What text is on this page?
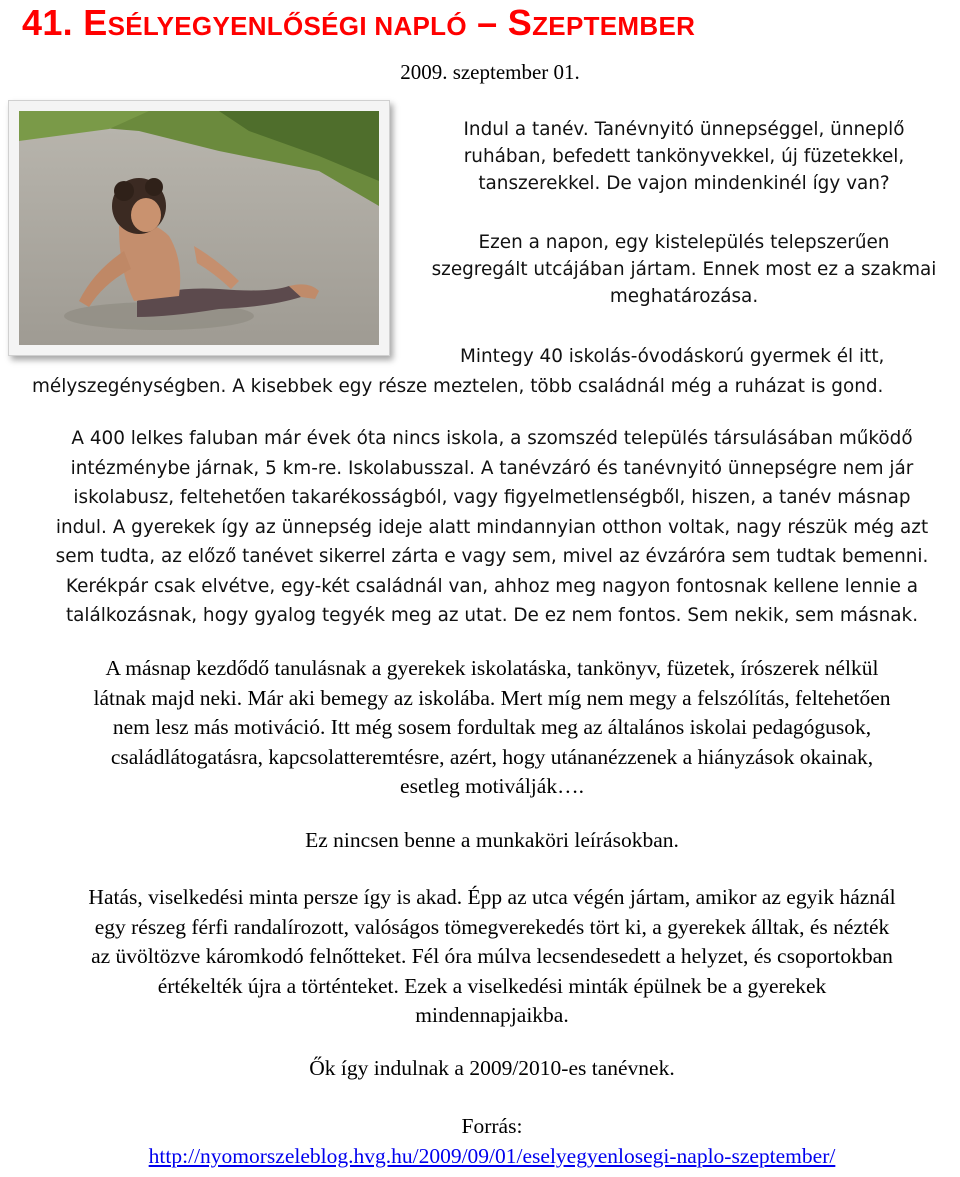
41. ESÉLYEGYENLŐSÉGI NAPLÓ – SZEPTEMBER
2009. szeptember 01.
Indul a tanév. Tanévnyitó ünnepséggel, ünneplő
ruhában, befedett tankönyvekkel, új füzetekkel,
tanszerekkel. De vajon mindenkinél így van?
Ezen a napon, egy kistelepülés telepszerűen
szegregált utcájában jártam. Ennek most ez a szakmai
meghatározása.
Mintegy 40 iskolás-óvodáskorú gyermek él itt,
mélyszegénységben. A kisebbek egy része meztelen, több családnál még a ruházat is gond.
A 400 lelkes faluban már évek óta nincs iskola, a szomszéd település társulásában működő
intézménybe járnak, 5 km-re. Iskolabusszal. A tanévzáró és tanévnyitó ünnepségre nem jár
iskolabusz, feltehetően takarékosságból, vagy figyelmetlenségből, hiszen, a tanév másnap
indul. A gyerekek így az ünnepség ideje alatt mindannyian otthon voltak, nagy részük még azt
sem tudta, az előző tanévet sikerrel zárta e vagy sem, mivel az évzáróra sem tudtak bemenni.
Kerékpár csak elvétve, egy-két családnál van, ahhoz meg nagyon fontosnak kellene lennie a
találkozásnak, hogy gyalog tegyék meg az utat. De ez nem fontos. Sem nekik, sem másnak.
A másnap kezdődő tanulásnak a gyerekek iskolatáska, tankönyv, füzetek, írószerek nélkül
látnak majd neki. Már aki bemegy az iskolába. Mert míg nem megy a felszólítás, feltehetően
nem lesz más motiváció. Itt még sosem fordultak meg az általános iskolai pedagógusok,
családlátogatásra, kapcsolatteremtésre, azért, hogy utánanézzenek a hiányzások okainak,
esetleg motiválják….
Ez nincsen benne a munkaköri leírásokban.
Hatás, viselkedési minta persze így is akad. Épp az utca végén jártam, amikor az egyik háznál
egy részeg férfi randalírozott, valóságos tömegverekedés tört ki, a gyerekek álltak, és nézték
az üvöltözve káromkodó felnőtteket. Fél óra múlva lecsendesedett a helyzet, és csoportokban
értékelték újra a történteket. Ezek a viselkedési minták épülnek be a gyerekek
mindennapjaikba.
Ők így indulnak a 2009/2010-es tanévnek.
Forrás:
http://nyomorszeleblog.hvg.hu/2009/09/01/eselyegyenlosegi-naplo-szeptember/
